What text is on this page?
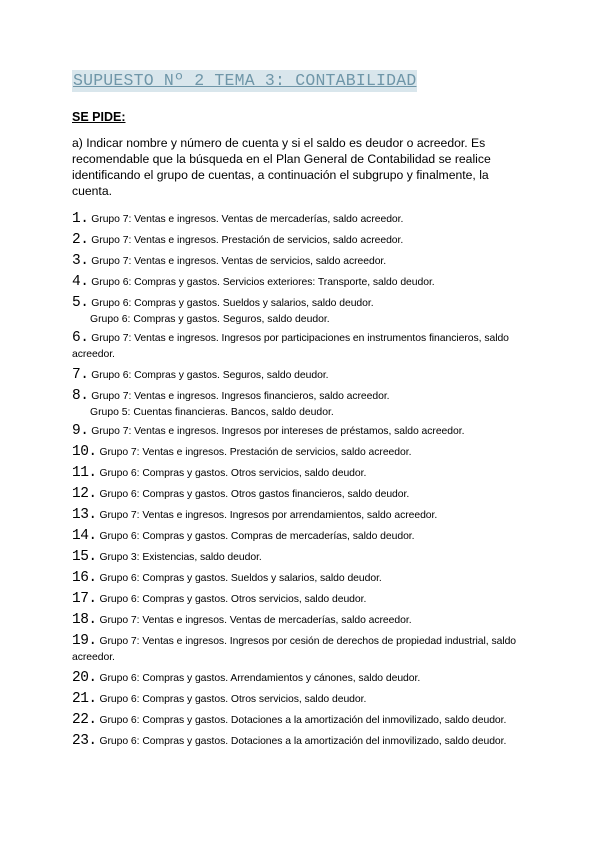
SUPUESTO Nº 2 TEMA 3: CONTABILIDAD
SE PIDE:
a) Indicar nombre y número de cuenta y si el saldo es deudor o acreedor. Es recomendable que la búsqueda en el Plan General de Contabilidad se realice identificando el grupo de cuentas, a continuación el subgrupo y finalmente, la cuenta.
1. Grupo 7: Ventas e ingresos. Ventas de mercaderías, saldo acreedor.
2. Grupo 7: Ventas e ingresos. Prestación de servicios, saldo acreedor.
3. Grupo 7: Ventas e ingresos. Ventas de servicios, saldo acreedor.
4. Grupo 6: Compras y gastos. Servicios exteriores: Transporte, saldo deudor.
5. Grupo 6: Compras y gastos. Sueldos y salarios, saldo deudor.
Grupo 6: Compras y gastos. Seguros, saldo deudor.
6. Grupo 7: Ventas e ingresos. Ingresos por participaciones en instrumentos financieros, saldo acreedor.
7. Grupo 6: Compras y gastos. Seguros, saldo deudor.
8. Grupo 7: Ventas e ingresos. Ingresos financieros, saldo acreedor.
Grupo 5: Cuentas financieras. Bancos, saldo deudor.
9. Grupo 7: Ventas e ingresos. Ingresos por intereses de préstamos, saldo acreedor.
10. Grupo 7: Ventas e ingresos. Prestación de servicios, saldo acreedor.
11. Grupo 6: Compras y gastos. Otros servicios, saldo deudor.
12. Grupo 6: Compras y gastos. Otros gastos financieros, saldo deudor.
13. Grupo 7: Ventas e ingresos. Ingresos por arrendamientos, saldo acreedor.
14. Grupo 6: Compras y gastos. Compras de mercaderías, saldo deudor.
15. Grupo 3: Existencias, saldo deudor.
16. Grupo 6: Compras y gastos. Sueldos y salarios, saldo deudor.
17. Grupo 6: Compras y gastos. Otros servicios, saldo deudor.
18. Grupo 7: Ventas e ingresos. Ventas de mercaderías, saldo acreedor.
19. Grupo 7: Ventas e ingresos. Ingresos por cesión de derechos de propiedad industrial, saldo acreedor.
20. Grupo 6: Compras y gastos. Arrendamientos y cánones, saldo deudor.
21. Grupo 6: Compras y gastos. Otros servicios, saldo deudor.
22. Grupo 6: Compras y gastos. Dotaciones a la amortización del inmovilizado, saldo deudor.
23. Grupo 6: Compras y gastos. Dotaciones a la amortización del inmovilizado, saldo deudor.
